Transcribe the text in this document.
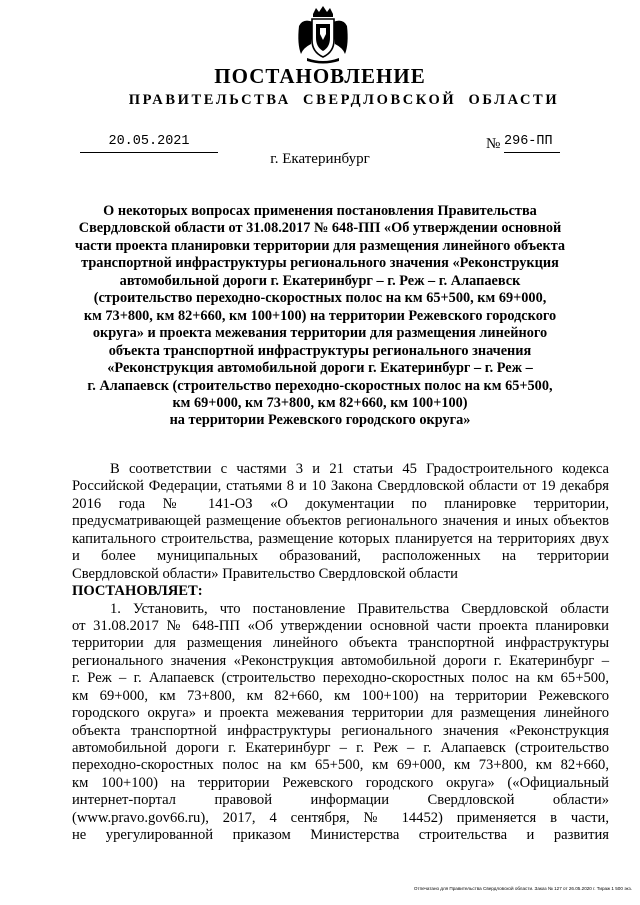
ПОСТАНОВЛЕНИЕ
ПРАВИТЕЛЬСТВА СВЕРДЛОВСКОЙ ОБЛАСТИ
20.05.2021	№ 296-ПП
г. Екатеринбург
О некоторых вопросах применения постановления Правительства
Свердловской области от 31.08.2017 № 648-ПП «Об утверждении основной
части проекта планировки территории для размещения линейного объекта
транспортной инфраструктуры регионального значения «Реконструкция
автомобильной дороги г. Екатеринбург – г. Реж – г. Алапаевск
(строительство переходно-скоростных полос на км 65+500, км 69+000,
км 73+800, км 82+660, км 100+100) на территории Режевского городского
округа» и проекта межевания территории для размещения линейного
объекта транспортной инфраструктуры регионального значения
«Реконструкция автомобильной дороги г. Екатеринбург – г. Реж –
г. Алапаевск (строительство переходно-скоростных полос на км 65+500,
км 69+000, км 73+800, км 82+660, км 100+100)
на территории Режевского городского округа»
В соответствии с частями 3 и 21 статьи 45 Градостроительного кодекса
Российской Федерации, статьями 8 и 10 Закона Свердловской области от 19 декабря
2016 года № 141-ОЗ «О документации по планировке территории,
предусматривающей размещение объектов регионального значения и иных объектов
капитального строительства, размещение которых планируется на территориях двух
и более муниципальных образований, расположенных на территории
Свердловской области» Правительство Свердловской области
ПОСТАНОВЛЯЕТ:
1. Установить, что постановление Правительства Свердловской области
от 31.08.2017 № 648-ПП «Об утверждении основной части проекта планировки
территории для размещения линейного объекта транспортной инфраструктуры
регионального значения «Реконструкция автомобильной дороги г. Екатеринбург –
г. Реж – г. Алапаевск (строительство переходно-скоростных полос на км 65+500,
км 69+000, км 73+800, км 82+660, км 100+100) на территории Режевского
городского округа» и проекта межевания территории для размещения линейного
объекта транспортной инфраструктуры регионального значения «Реконструкция
автомобильной дороги г. Екатеринбург – г. Реж – г. Алапаевск (строительство
переходно-скоростных полос на км 65+500, км 69+000, км 73+800, км 82+660,
км 100+100) на территории Режевского городского округа» («Официальный
интернет-портал правовой информации Свердловской области»
(www.pravo.gov66.ru), 2017, 4 сентября, № 14452) применяется в части,
не урегулированной приказом Министерства строительства и развития
Отпечатано для Правительства Свердловской области. Заказ № 127 от 26.05.2020 г. Тираж 1 500 экз.
